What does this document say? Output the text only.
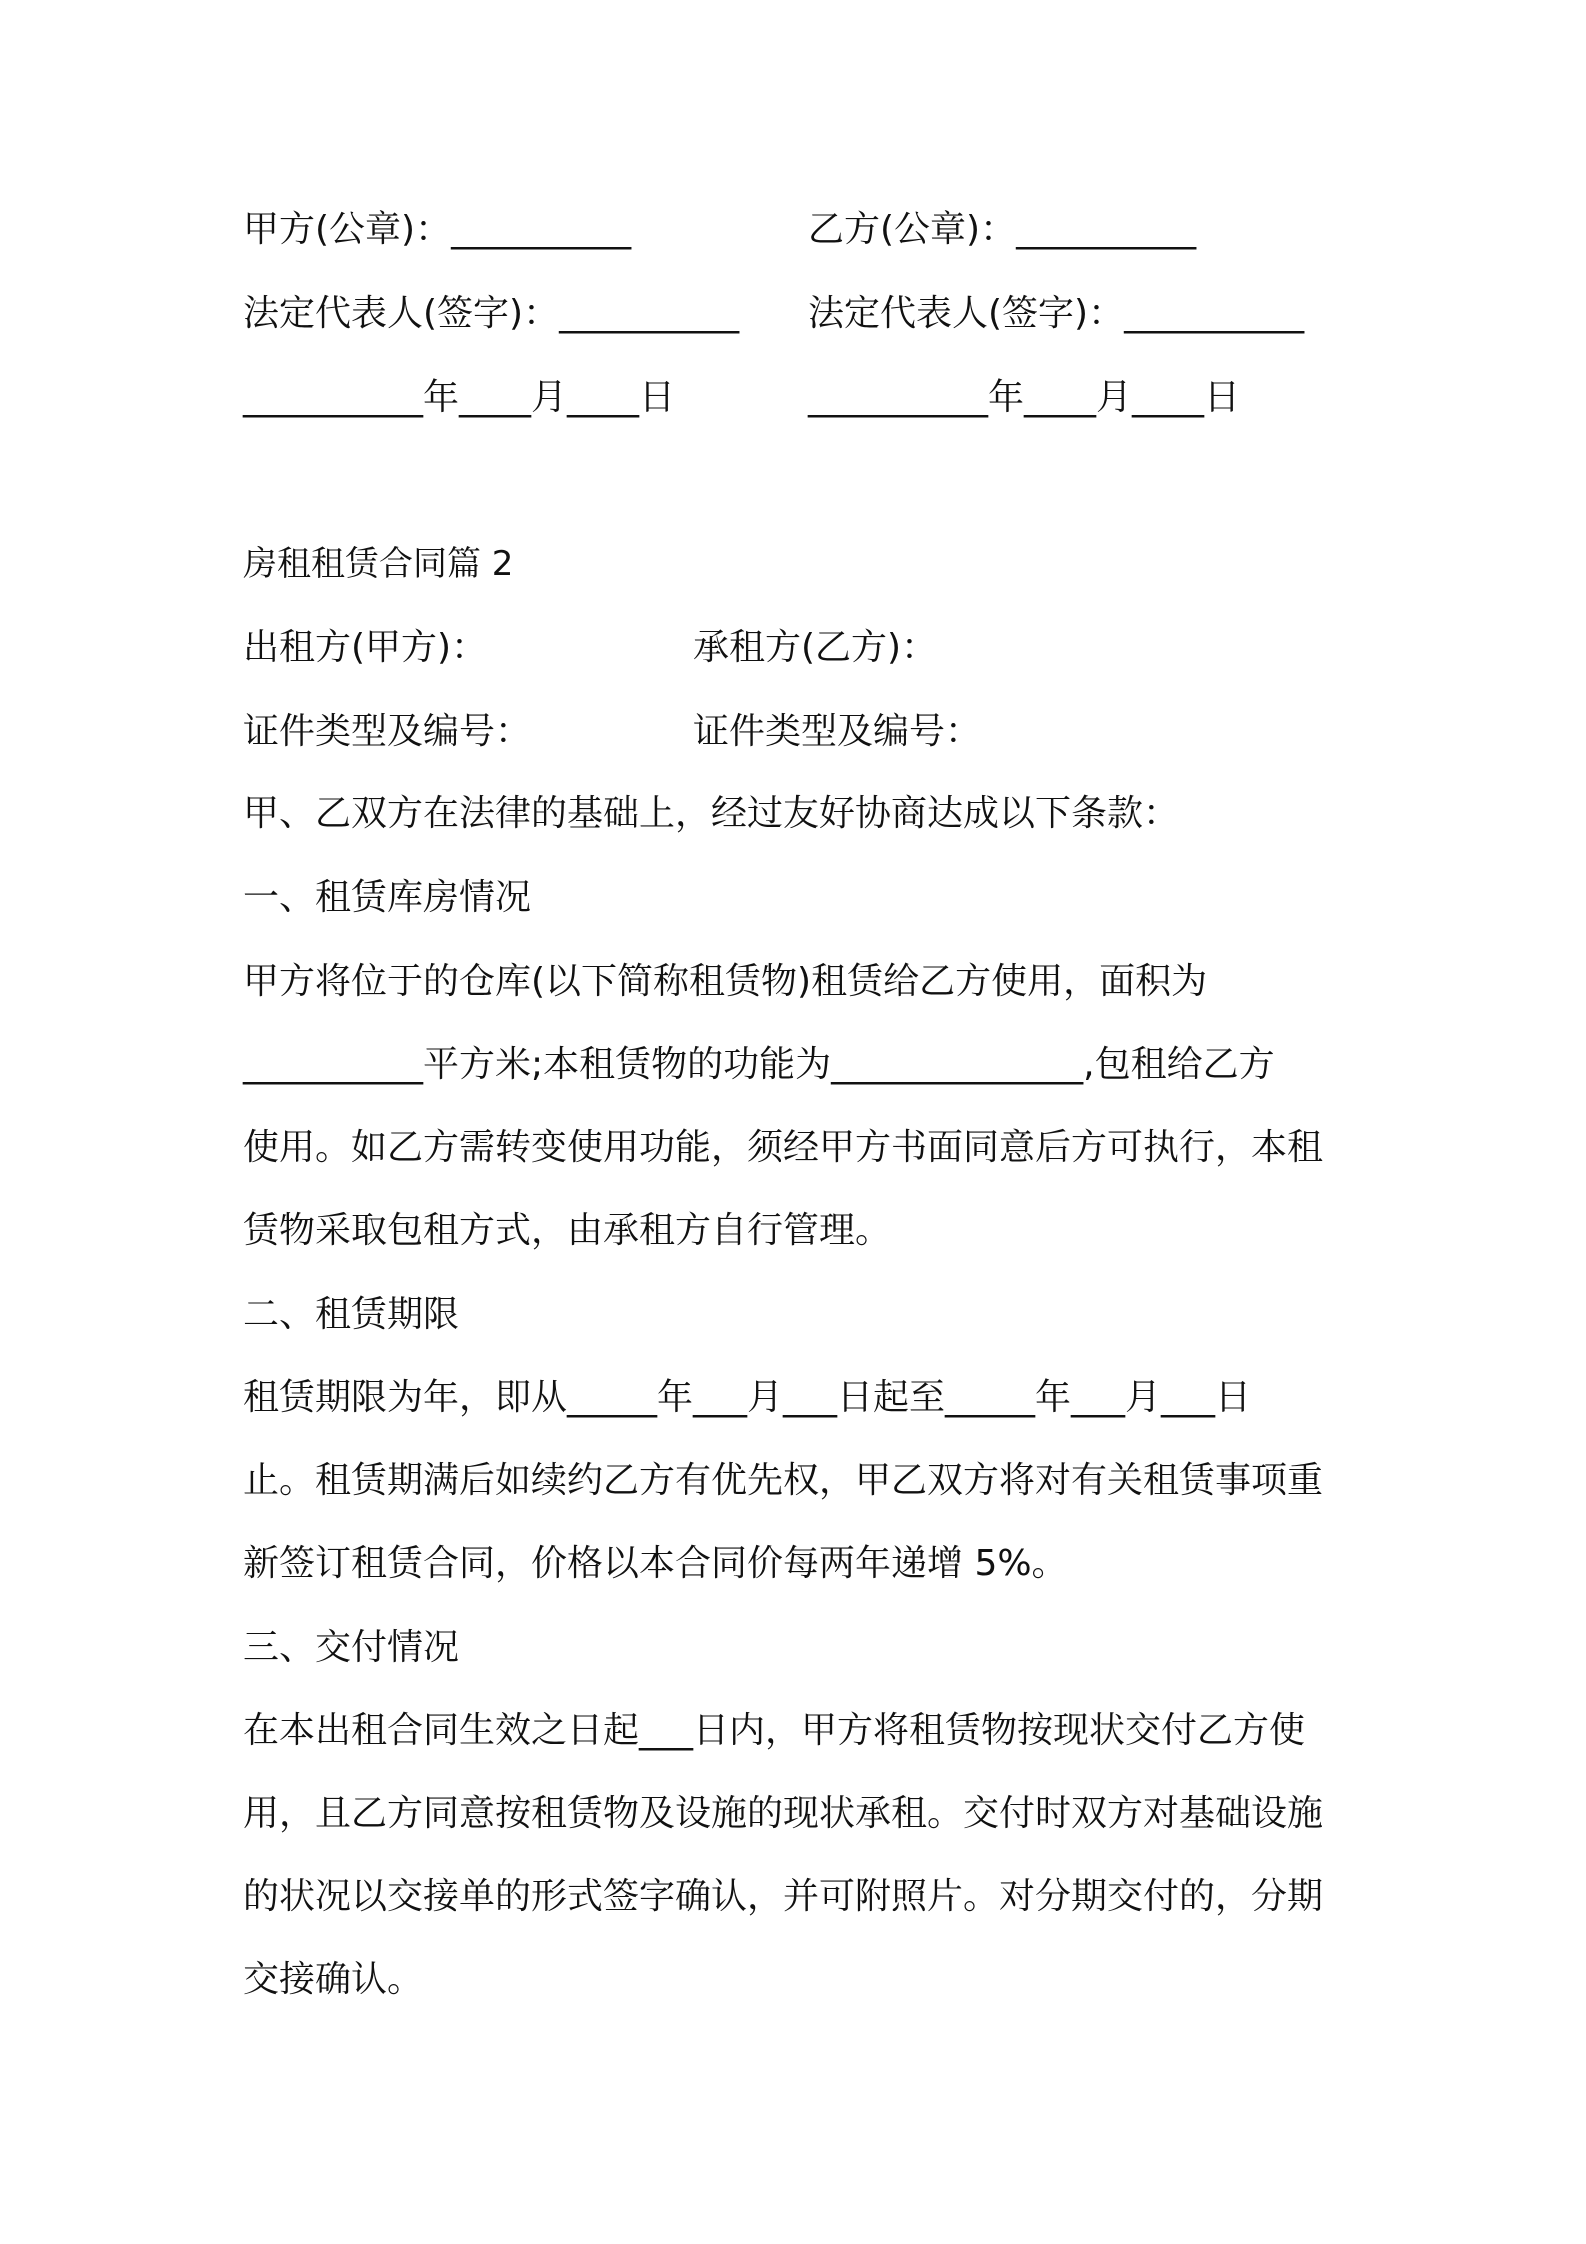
甲方(公章)：__________	乙方(公章)：__________
法定代表人(签字)：__________ 法定代表人(签字)：__________
__________年____月____日	__________年____月____日
房租租赁合同篇 2
出租方(甲方)：	承租方(乙方)：
证件类型及编号：	证件类型及编号：
甲、乙双方在法律的基础上，经过友好协商达成以下条款：
一、租赁库房情况
甲方将位于的仓库(以下简称租赁物)租赁给乙方使用，面积为
__________平方米;本租赁物的功能为______________,包租给乙方
使用。如乙方需转变使用功能，须经甲方书面同意后方可执行，本租
赁物采取包租方式，由承租方自行管理。
二、租赁期限
租赁期限为年，即从_____年___月___日起至_____年___月___日
止。租赁期满后如续约乙方有优先权，甲乙双方将对有关租赁事项重
新签订租赁合同，价格以本合同价每两年递增 5%。
三、交付情况
在本出租合同生效之日起___日内，甲方将租赁物按现状交付乙方使
用，且乙方同意按租赁物及设施的现状承租。交付时双方对基础设施
的状况以交接单的形式签字确认，并可附照片。对分期交付的，分期
交接确认。
